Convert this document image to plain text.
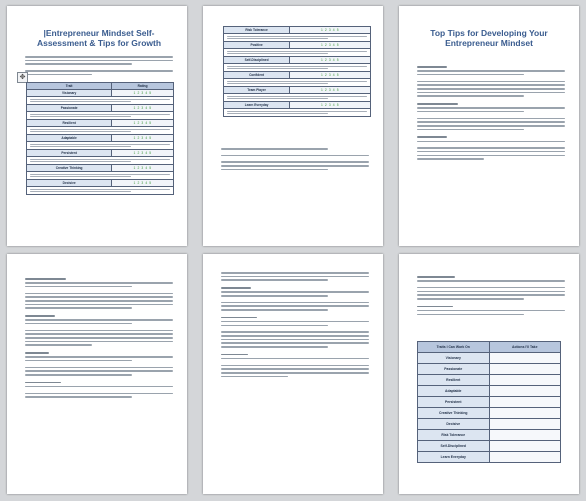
|Entrepreneur Mindset Self-
Assessment & Tips for Growth
✥
Trait	Rating
Visionary	1 2 3 4 5

Passionate	1 2 3 4 5

Resilient	1 2 3 4 5

Adaptable	1 2 3 4 5

Persistent	1 2 3 4 5

Creative Thinking	1 2 3 4 5

Decisive	1 2 3 4 5

Risk Tolerance	1 2 3 4 5

Positive	1 2 3 4 5

Self-Disciplined	1 2 3 4 5

Confident	1 2 3 4 5

Team Player	1 2 3 4 5

Learn Everyday	1 2 3 4 5

Top Tips for Developing Your
Entrepreneur Mindset
Traits I Can Work On	Actions I'll Take
Visionary	
Passionate	
Resilient	
Adaptable	
Persistent	
Creative Thinking	
Decisive	
Risk Tolerance	
Self-Disciplined	
Learn Everyday	
